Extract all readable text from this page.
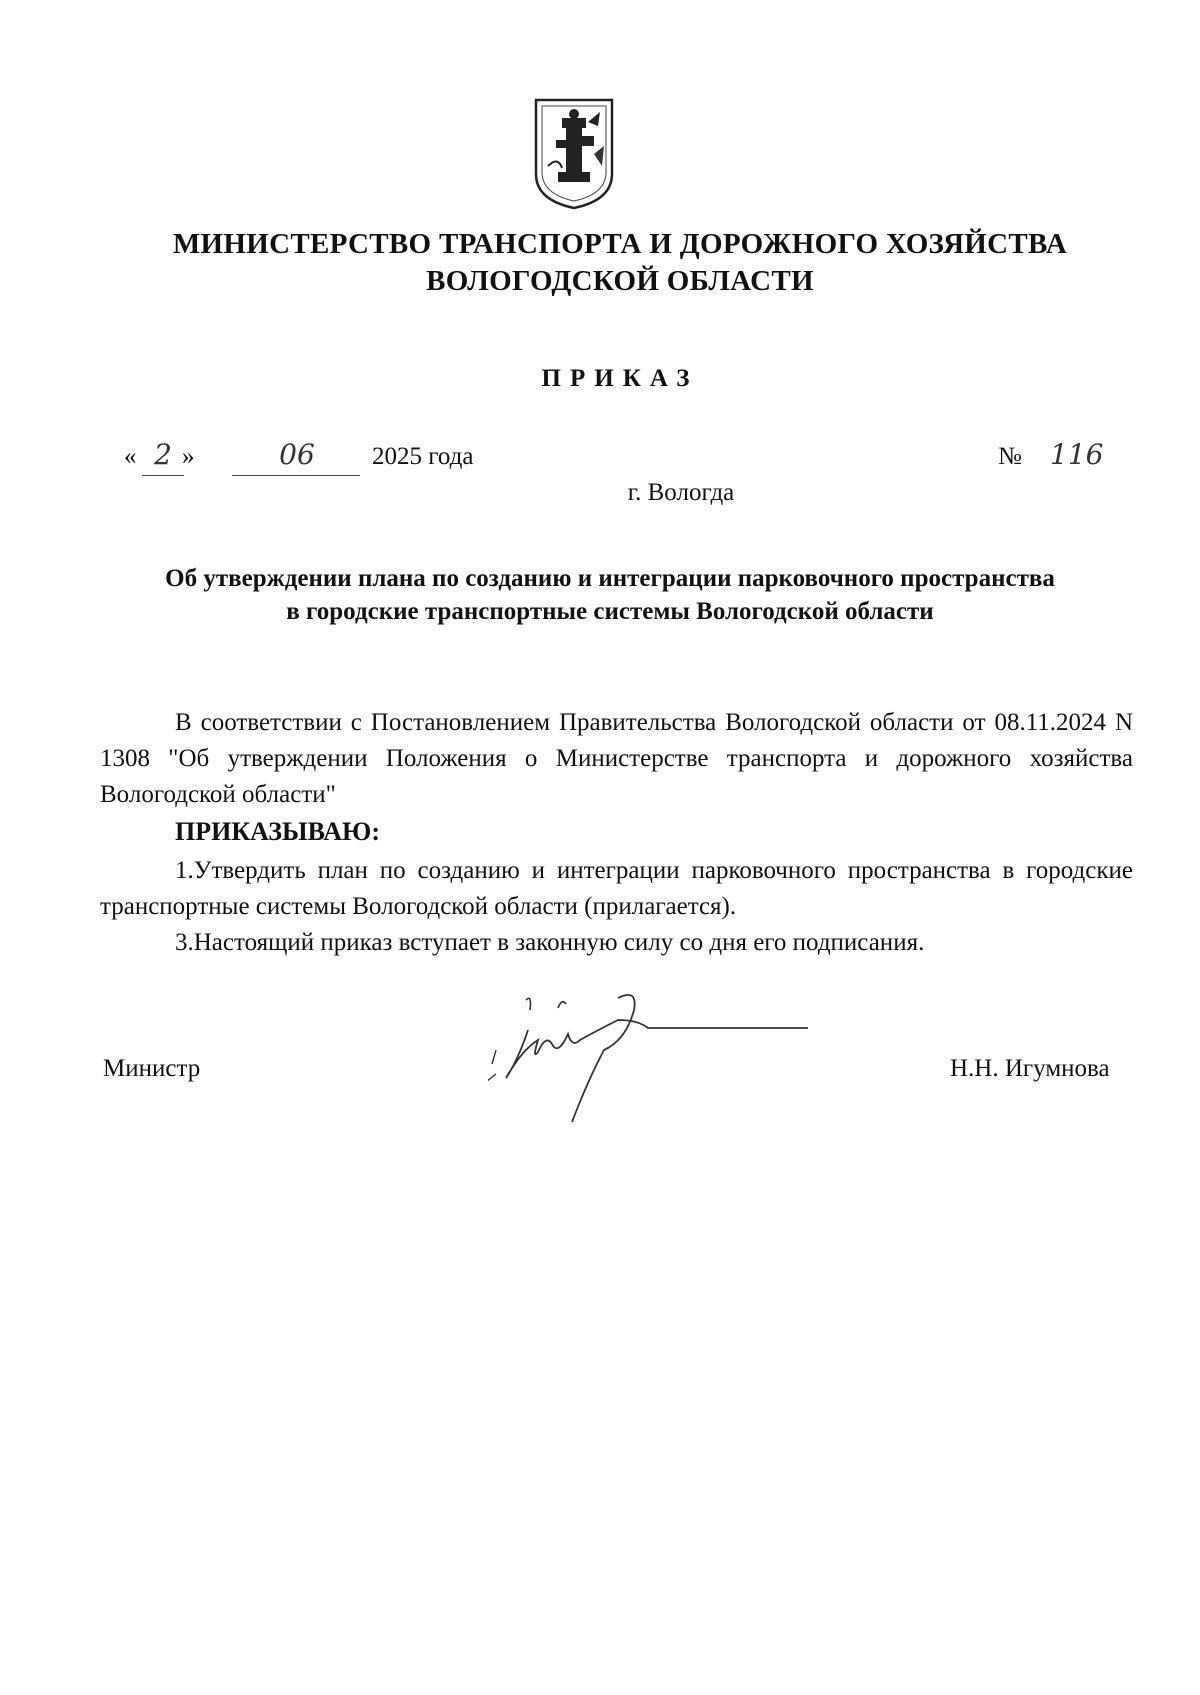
МИНИСТЕРСТВО ТРАНСПОРТА И ДОРОЖНОГО ХОЗЯЙСТВА
ВОЛОГОДСКОЙ ОБЛАСТИ
ПРИКАЗ
« 2 »	06	2025 года	№ 116
г. Вологда
Об утверждении плана по созданию и интеграции парковочного пространства
в городские транспортные системы Вологодской области

В соответствии с Постановлением Правительства Вологодской области от 08.11.2024 N 1308 "Об утверждении Положения о Министерстве транспорта и дорожного хозяйства Вологодской области"

ПРИКАЗЫВАЮ:

1.Утвердить план по созданию и интеграции парковочного пространства в городские транспортные системы Вологодской области (прилагается).

3.Настоящий приказ вступает в законную силу со дня его подписания.

Министр	Н.Н. Игумнова
